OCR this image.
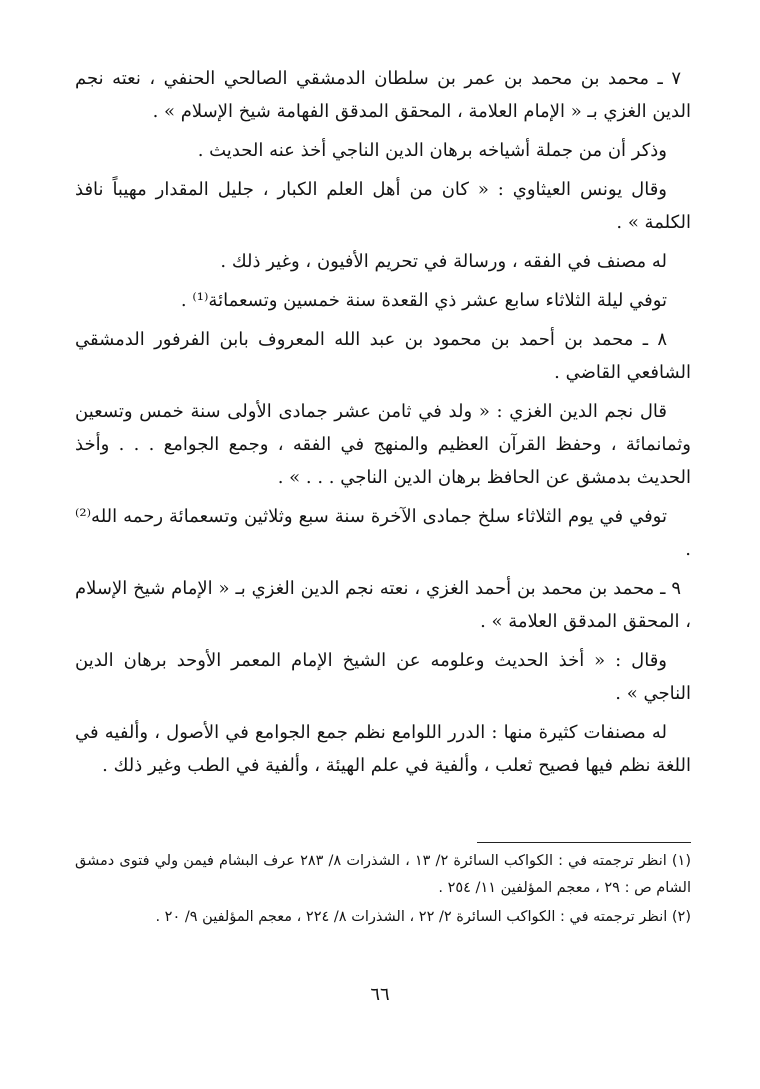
٧ ـ محمد بن محمد بن عمر بن سلطان الدمشقي الصالحي الحنفي ، نعته نجم الدين الغزي بـ « الإمام العلامة ، المحقق المدقق الفهامة شيخ الإسلام » .

وذكر أن من جملة أشياخه برهان الدين الناجي أخذ عنه الحديث .

وقال يونس العيثاوي : « كان من أهل العلم الكبار ، جليل المقدار مهيباً نافذ الكلمة » .

له مصنف في الفقه ، ورسالة في تحريم الأفيون ، وغير ذلك .

توفي ليلة الثلاثاء سابع عشر ذي القعدة سنة خمسين وتسعمائة⁽¹⁾ .

٨ ـ محمد بن أحمد بن محمود بن عبد الله المعروف بابن الفرفور الدمشقي الشافعي القاضي .

قال نجم الدين الغزي : « ولد في ثامن عشر جمادى الأولى سنة خمس وتسعين وثمانمائة ، وحفظ القرآن العظيم والمنهج في الفقه ، وجمع الجوامع . . . وأخذ الحديث بدمشق عن الحافظ برهان الدين الناجي . . . » .

توفي في يوم الثلاثاء سلخ جمادى الآخرة سنة سبع وثلاثين وتسعمائة رحمه الله⁽²⁾ .

٩ ـ محمد بن محمد بن أحمد الغزي ، نعته نجم الدين الغزي بـ « الإمام شيخ الإسلام ، المحقق المدقق العلامة » .

وقال : « أخذ الحديث وعلومه عن الشيخ الإمام المعمر الأوحد برهان الدين الناجي » .

له مصنفات كثيرة منها : الدرر اللوامع نظم جمع الجوامع في الأصول ، وألفيه في اللغة نظم فيها فصيح ثعلب ، وألفية في علم الهيئة ، وألفية في الطب وغير ذلك .

(١) انظر ترجمته في : الكواكب السائرة ٢/ ١٣ ، الشذرات ٨/ ٢٨٣ عرف البشام فيمن ولي فتوى دمشق الشام ص : ٢٩ ، معجم المؤلفين ١١/ ٢٥٤ .

(٢) انظر ترجمته في : الكواكب السائرة ٢/ ٢٢ ، الشذرات ٨/ ٢٢٤ ، معجم المؤلفين ٩/ ٢٠ .

٦٦
